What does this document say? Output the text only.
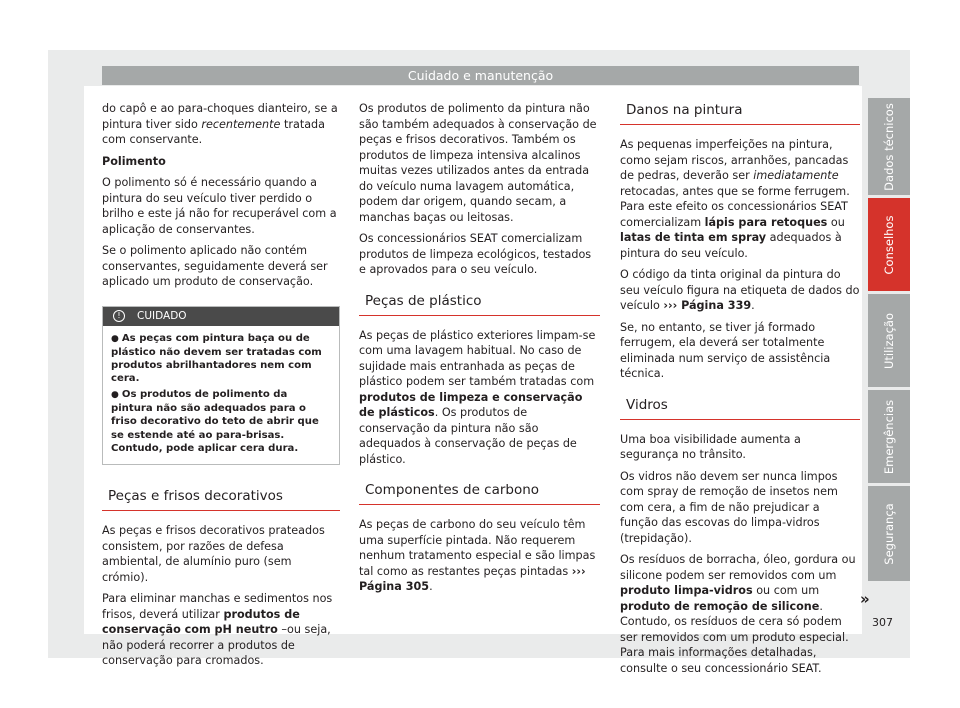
Cuidado e manutenção

do capô e ao para-choques dianteiro, se a pintura tiver sido recentemente tratada com conservante.

Polimento

O polimento só é necessário quando a pintura do seu veículo tiver perdido o brilho e este já não for recuperável com a aplicação de conservantes.

Se o polimento aplicado não contém conservantes, seguidamente deverá ser aplicado um produto de conservação.

! CUIDADO
● As peças com pintura baça ou de plástico não devem ser tratadas com produtos abrilhantadores nem com cera.
● Os produtos de polimento da pintura não são adequados para o friso decorativo do teto de abrir que se estende até ao para-brisas. Contudo, pode aplicar cera dura.
Peças e frisos decorativos

As peças e frisos decorativos prateados consistem, por razões de defesa ambiental, de alumínio puro (sem crómio).

Para eliminar manchas e sedimentos nos frisos, deverá utilizar produtos de conservação com pH neutro –ou seja, não poderá recorrer a produtos de conservação para cromados.

Os produtos de polimento da pintura não são também adequados à conservação de peças e frisos decorativos. Também os produtos de limpeza intensiva alcalinos muitas vezes utilizados antes da entrada do veículo numa lavagem automática, podem dar origem, quando secam, a manchas baças ou leitosas.

Os concessionários SEAT comercializam produtos de limpeza ecológicos, testados e aprovados para o seu veículo.

Peças de plástico

As peças de plástico exteriores limpam-se com uma lavagem habitual. No caso de sujidade mais entranhada as peças de plástico podem ser também tratadas com produtos de limpeza e conservação de plásticos. Os produtos de conservação da pintura não são adequados à conservação de peças de plástico.

Componentes de carbono

As peças de carbono do seu veículo têm uma superfície pintada. Não requerem nenhum tratamento especial e são limpas tal como as restantes peças pintadas ››› Página 305.

Danos na pintura

As pequenas imperfeições na pintura, como sejam riscos, arranhões, pancadas de pedras, deverão ser imediatamente retocadas, antes que se forme ferrugem. Para este efeito os concessionários SEAT comercializam lápis para retoques ou latas de tinta em spray adequados à pintura do seu veículo.

O código da tinta original da pintura do seu veículo figura na etiqueta de dados do veículo ››› Página 339.

Se, no entanto, se tiver já formado ferrugem, ela deverá ser totalmente eliminada num serviço de assistência técnica.

Vidros

Uma boa visibilidade aumenta a segurança no trânsito.

Os vidros não devem ser nunca limpos com spray de remoção de insetos nem com cera, a fim de não prejudicar a função das escovas do limpa-vidros (trepidação).

Os resíduos de borracha, óleo, gordura ou silicone podem ser removidos com um produto limpa-vidros ou com um produto de remoção de silicone. Contudo, os resíduos de cera só podem ser removidos com um produto especial. Para mais informações detalhadas, consulte o seu concessionário SEAT.

Dados técnicos
Conselhos
Utilização
Emergências
Segurança
»
307
